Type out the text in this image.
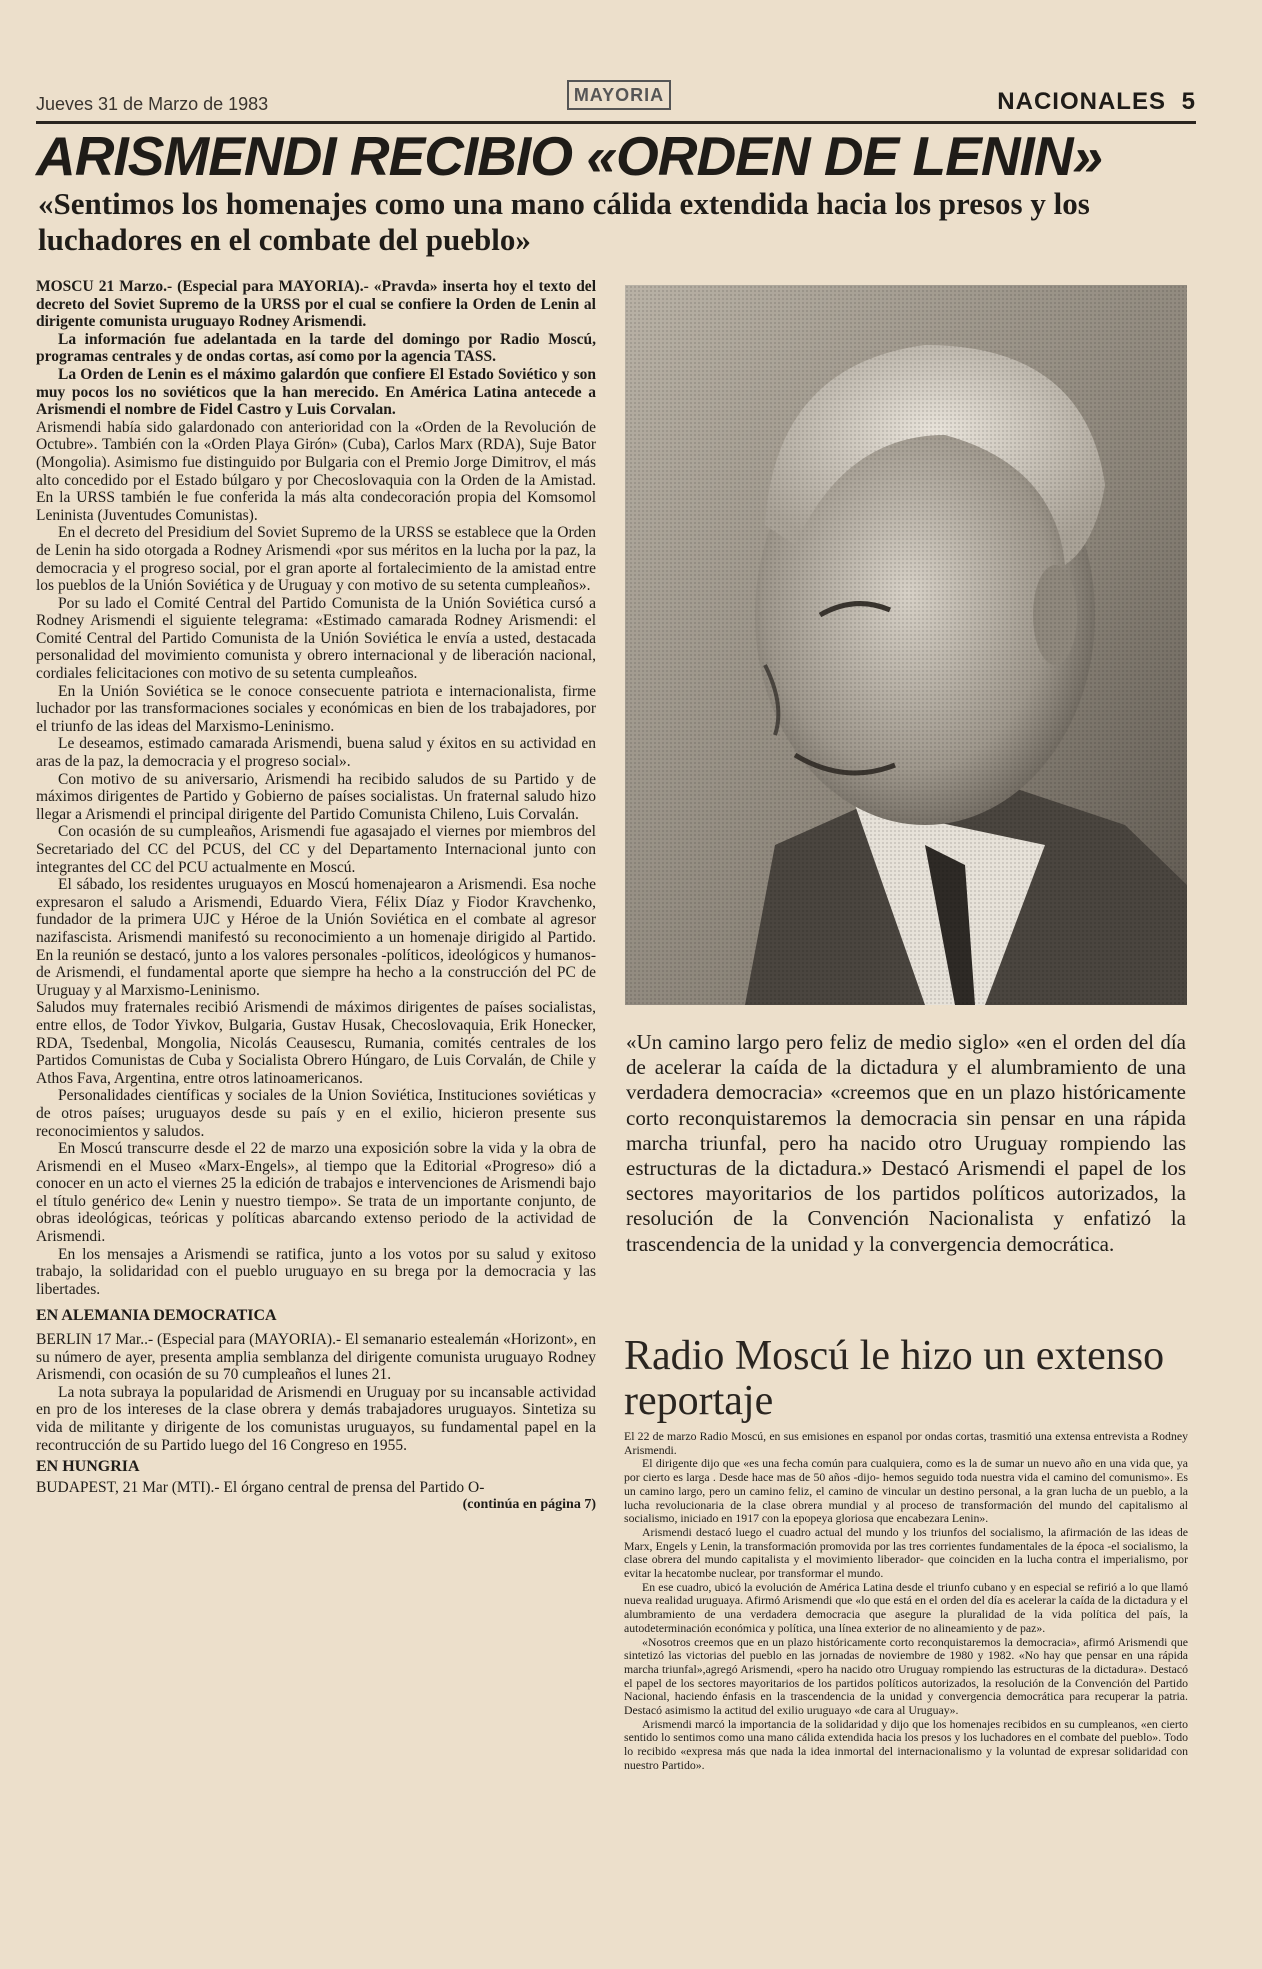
Jueves 31 de Marzo de 1983	MAYORIA	NACIONALES 5
ARISMENDI RECIBIO «ORDEN DE LENIN»
«Sentimos los homenajes como una mano cálida extendida hacia los presos y los luchadores en el combate del pueblo»

MOSCU 21 Marzo.- (Especial para MAYORIA).- «Pravda» inserta hoy el texto del decreto del Soviet Supremo de la URSS por el cual se confiere la Orden de Lenin al dirigente comunista uruguayo Rodney Arismendi.

La información fue adelantada en la tarde del domingo por Radio Moscú, programas centrales y de ondas cortas, así como por la agencia TASS.

La Orden de Lenin es el máximo galardón que confiere El Estado Soviético y son muy pocos los no soviéticos que la han merecido. En América Latina antecede a Arismendi el nombre de Fidel Castro y Luis Corvalan.

Arismendi había sido galardonado con anterioridad con la «Orden de la Revolución de Octubre». También con la «Orden Playa Girón» (Cuba), Carlos Marx (RDA), Suje Bator (Mongolia). Asimismo fue distinguido por Bulgaria con el Premio Jorge Dimitrov, el más alto concedido por el Estado búlgaro y por Checoslovaquia con la Orden de la Amistad. En la URSS también le fue conferida la más alta condecoración propia del Komsomol Leninista (Juventudes Comunistas).

En el decreto del Presidium del Soviet Supremo de la URSS se establece que la Orden de Lenin ha sido otorgada a Rodney Arismendi «por sus méritos en la lucha por la paz, la democracia y el progreso social, por el gran aporte al fortalecimiento de la amistad entre los pueblos de la Unión Soviética y de Uruguay y con motivo de su setenta cumpleaños».

Por su lado el Comité Central del Partido Comunista de la Unión Soviética cursó a Rodney Arismendi el siguiente telegrama: «Estimado camarada Rodney Arismendi: el Comité Central del Partido Comunista de la Unión Soviética le envía a usted, destacada personalidad del movimiento comunista y obrero internacional y de liberación nacional, cordiales felicitaciones con motivo de su setenta cumpleaños.

En la Unión Soviética se le conoce consecuente patriota e internacionalista, firme luchador por las transformaciones sociales y económicas en bien de los trabajadores, por el triunfo de las ideas del Marxismo-Leninismo.

Le deseamos, estimado camarada Arismendi, buena salud y éxitos en su actividad en aras de la paz, la democracia y el progreso social».

Con motivo de su aniversario, Arismendi ha recibido saludos de su Partido y de máximos dirigentes de Partido y Gobierno de países socialistas. Un fraternal saludo hizo llegar a Arismendi el principal dirigente del Partido Comunista Chileno, Luis Corvalán.

Con ocasión de su cumpleaños, Arismendi fue agasajado el viernes por miembros del Secretariado del CC del PCUS, del CC y del Departamento Internacional junto con integrantes del CC del PCU actualmente en Moscú.

El sábado, los residentes uruguayos en Moscú homenajearon a Arismendi. Esa noche expresaron el saludo a Arismendi, Eduardo Viera, Félix Díaz y Fiodor Kravchenko, fundador de la primera UJC y Héroe de la Unión Soviética en el combate al agresor nazifascista. Arismendi manifestó su reconocimiento a un homenaje dirigido al Partido. En la reunión se destacó, junto a los valores personales -políticos, ideológicos y humanos- de Arismendi, el fundamental aporte que siempre ha hecho a la construcción del PC de Uruguay y al Marxismo-Leninismo.

Saludos muy fraternales recibió Arismendi de máximos dirigentes de países socialistas, entre ellos, de Todor Yivkov, Bulgaria, Gustav Husak, Checoslovaquia, Erik Honecker, RDA, Tsedenbal, Mongolia, Nicolás Ceausescu, Rumania, comités centrales de los Partidos Comunistas de Cuba y Socialista Obrero Húngaro, de Luis Corvalán, de Chile y Athos Fava, Argentina, entre otros latinoamericanos.

Personalidades científicas y sociales de la Union Soviética, Instituciones soviéticas y de otros países; uruguayos desde su país y en el exilio, hicieron presente sus reconocimientos y saludos.

En Moscú transcurre desde el 22 de marzo una exposición sobre la vida y la obra de Arismendi en el Museo «Marx-Engels», al tiempo que la Editorial «Progreso» dió a conocer en un acto el viernes 25 la edición de trabajos e intervenciones de Arismendi bajo el título genérico de« Lenin y nuestro tiempo». Se trata de un importante conjunto, de obras ideológicas, teóricas y políticas abarcando extenso periodo de la actividad de Arismendi.

En los mensajes a Arismendi se ratifica, junto a los votos por su salud y exitoso trabajo, la solidaridad con el pueblo uruguayo en su brega por la democracia y las libertades.

EN ALEMANIA DEMOCRATICA

BERLIN 17 Mar..- (Especial para (MAYORIA).- El semanario estealemán «Horizont», en su número de ayer, presenta amplia semblanza del dirigente comunista uruguayo Rodney Arismendi, con ocasión de su 70 cumpleaños el lunes 21.

La nota subraya la popularidad de Arismendi en Uruguay por su incansable actividad en pro de los intereses de la clase obrera y demás trabajadores uruguayos. Sintetiza su vida de militante y dirigente de los comunistas uruguayos, su fundamental papel en la recontrucción de su Partido luego del 16 Congreso en 1955.

EN HUNGRIA

BUDAPEST, 21 Mar (MTI).- El órgano central de prensa del Partido O-

(continúa en página 7)

«Un camino largo pero feliz de medio siglo» «en el orden del día de acelerar la caída de la dictadura y el alumbramiento de una verdadera democracia» «creemos que en un plazo históricamente corto reconquistaremos la democracia sin pensar en una rápida marcha triunfal, pero ha nacido otro Uruguay rompiendo las estructuras de la dictadura.» Destacó Arismendi el papel de los sectores mayoritarios de los partidos políticos autorizados, la resolución de la Convención Nacionalista y enfatizó la trascendencia de la unidad y la convergencia democrática.

Radio Moscú le hizo un extenso reportaje

El 22 de marzo Radio Moscú, en sus emisiones en espanol por ondas cortas, trasmitió una extensa entrevista a Rodney Arismendi.

El dirigente dijo que «es una fecha común para cualquiera, como es la de sumar un nuevo año en una vida que, ya por cierto es larga . Desde hace mas de 50 años -dijo- hemos seguido toda nuestra vida el camino del comunismo». Es un camino largo, pero un camino feliz, el camino de vincular un destino personal, a la gran lucha de un pueblo, a la lucha revolucionaria de la clase obrera mundial y al proceso de transformación del mundo del capitalismo al socialismo, iniciado en 1917 con la epopeya gloriosa que encabezara Lenin».

Arismendi destacó luego el cuadro actual del mundo y los triunfos del socialismo, la afirmación de las ideas de Marx, Engels y Lenin, la transformación promovida por las tres corrientes fundamentales de la época -el socialismo, la clase obrera del mundo capitalista y el movimiento liberador- que coinciden en la lucha contra el imperialismo, por evitar la hecatombe nuclear, por transformar el mundo.

En ese cuadro, ubicó la evolución de América Latina desde el triunfo cubano y en especial se refirió a lo que llamó nueva realidad uruguaya. Afirmó Arismendi que «lo que está en el orden del día es acelerar la caída de la dictadura y el alumbramiento de una verdadera democracia que asegure la pluralidad de la vida política del país, la autodeterminación económica y política, una línea exterior de no alineamiento y de paz».

«Nosotros creemos que en un plazo históricamente corto reconquistaremos la democracia», afirmó Arismendi que sintetizó las victorias del pueblo en las jornadas de noviembre de 1980 y 1982. «No hay que pensar en una rápida marcha triunfal»,agregó Arismendi, «pero ha nacido otro Uruguay rompiendo las estructuras de la dictadura». Destacó el papel de los sectores mayoritarios de los partidos políticos autorizados, la resolución de la Convención del Partido Nacional, haciendo énfasis en la trascendencia de la unidad y convergencia democrática para recuperar la patria. Destacó asimismo la actitud del exilio uruguayo «de cara al Uruguay».

Arismendi marcó la importancia de la solidaridad y dijo que los homenajes recibidos en su cumpleanos, «en cierto sentido lo sentimos como una mano cálida extendida hacia los presos y los luchadores en el combate del pueblo». Todo lo recibido «expresa más que nada la idea inmortal del internacionalismo y la voluntad de expresar solidaridad con nuestro Partido».
